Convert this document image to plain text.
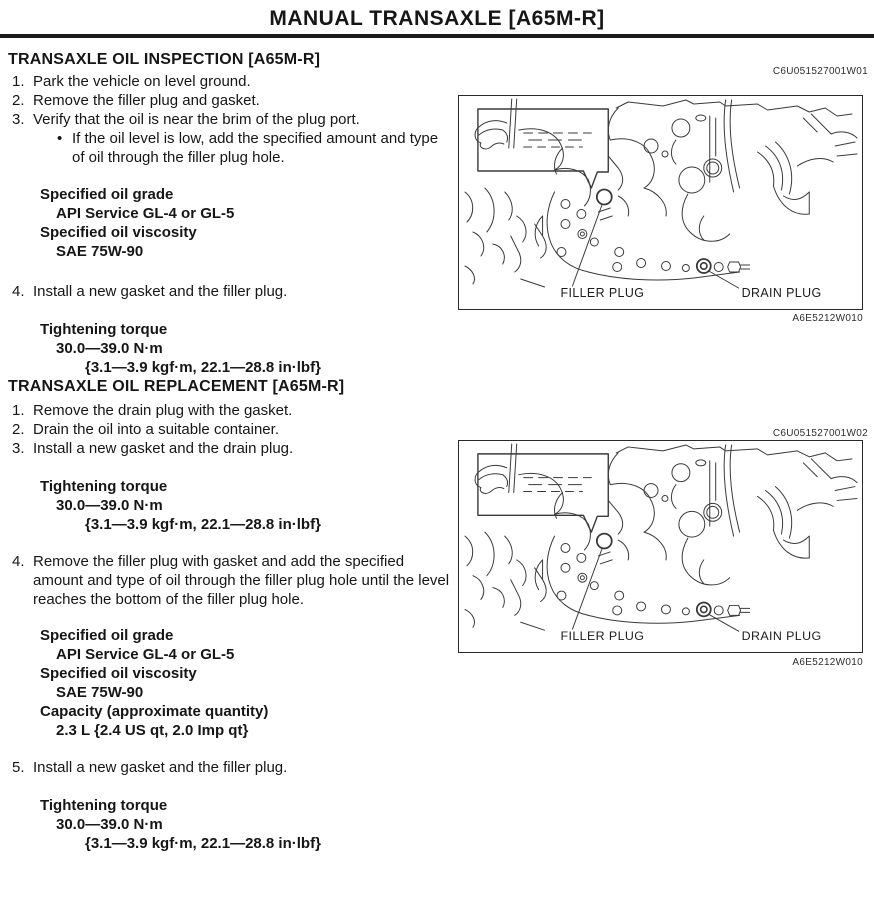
MANUAL TRANSAXLE [A65M-R]
TRANSAXLE OIL INSPECTION [A65M-R]
1. Park the vehicle on level ground.
2. Remove the filler plug and gasket.
3. Verify that the oil is near the brim of the plug port.
• If the oil level is low, add the specified amount and type of oil through the filler plug hole.
Specified oil grade
API Service GL-4 or GL-5
Specified oil viscosity
SAE 75W-90
4. Install a new gasket and the filler plug.
Tightening torque
30.0—39.0 N·m
{3.1—3.9 kgf·m, 22.1—28.8 in·lbf}
TRANSAXLE OIL REPLACEMENT [A65M-R]
1. Remove the drain plug with the gasket.
2. Drain the oil into a suitable container.
3. Install a new gasket and the drain plug.
Tightening torque
30.0—39.0 N·m
{3.1—3.9 kgf·m, 22.1—28.8 in·lbf}
4. Remove the filler plug with gasket and add the specified amount and type of oil through the filler plug hole until the level reaches the bottom of the filler plug hole.
Specified oil grade
API Service GL-4 or GL-5
Specified oil viscosity
SAE 75W-90
Capacity (approximate quantity)
2.3 L {2.4 US qt, 2.0 Imp qt}
5. Install a new gasket and the filler plug.
Tightening torque
30.0—39.0 N·m
{3.1—3.9 kgf·m, 22.1—28.8 in·lbf}
C6U051527001W01
FILLER PLUG	DRAIN PLUG
A6E5212W010
C6U051527001W02
FILLER PLUG	DRAIN PLUG
A6E5212W010
